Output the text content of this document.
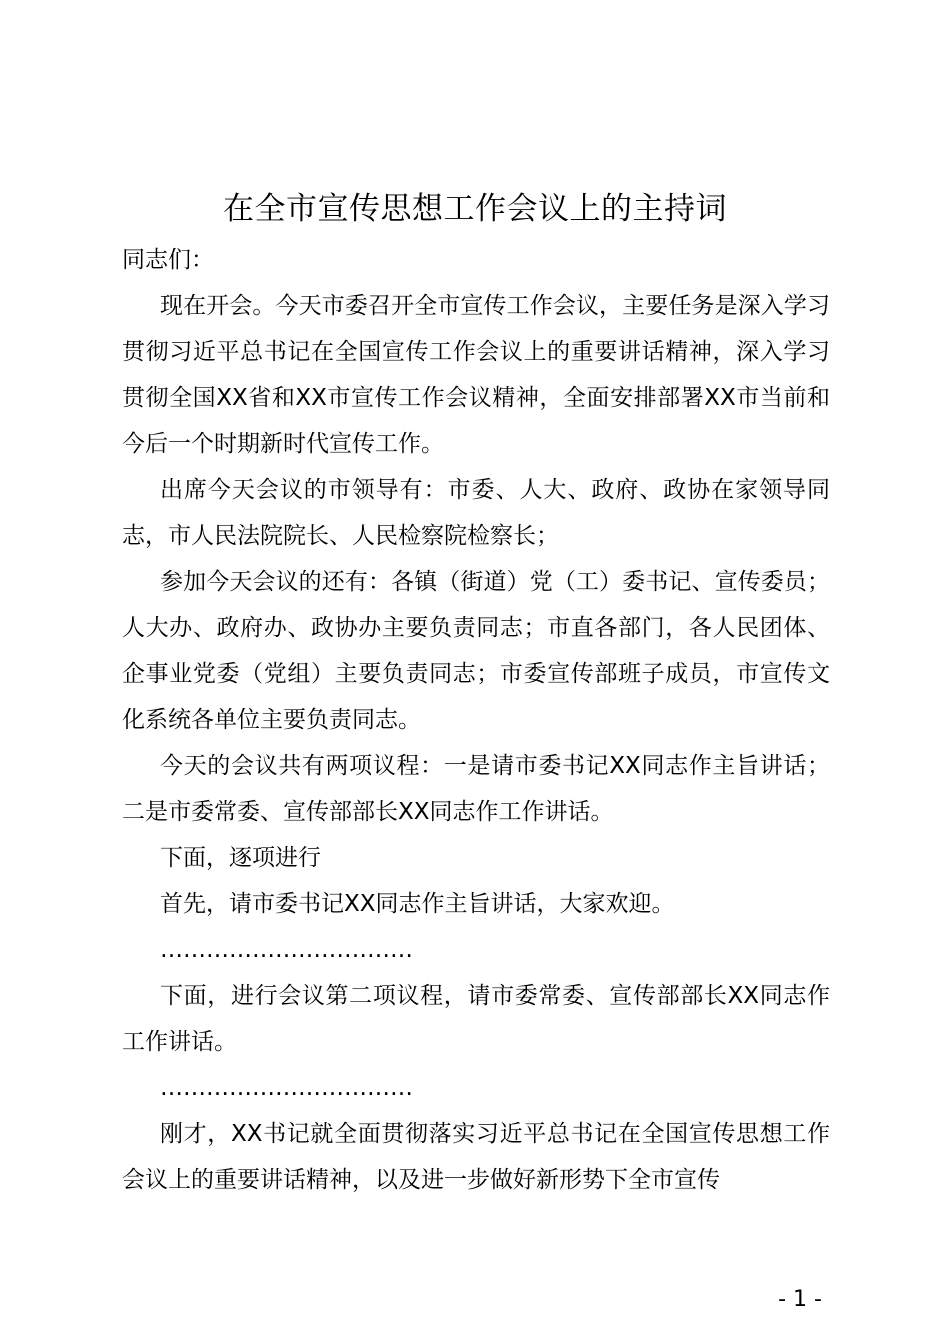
在全市宣传思想工作会议上的主持词

同志们：

现在开会。今天市委召开全市宣传工作会议，主要任务是深入学习贯彻习近平总书记在全国宣传工作会议上的重要讲话精神，深入学习贯彻全国XX省和XX市宣传工作会议精神，全面安排部署XX市当前和今后一个时期新时代宣传工作。

出席今天会议的市领导有：市委、人大、政府、政协在家领导同志，市人民法院院长、人民检察院检察长；

参加今天会议的还有：各镇（街道）党（工）委书记、宣传委员；人大办、政府办、政协办主要负责同志；市直各部门，各人民团体、企事业党委（党组）主要负责同志；市委宣传部班子成员，市宣传文化系统各单位主要负责同志。

今天的会议共有两项议程：一是请市委书记XX同志作主旨讲话；二是市委常委、宣传部部长XX同志作工作讲话。

下面，逐项进行

首先，请市委书记XX同志作主旨讲话，大家欢迎。

……………………………

下面，进行会议第二项议程，请市委常委、宣传部部长XX同志作工作讲话。

……………………………

刚才，XX书记就全面贯彻落实习近平总书记在全国宣传思想工作会议上的重要讲话精神，以及进一步做好新形势下全市宣传

- 1 -
